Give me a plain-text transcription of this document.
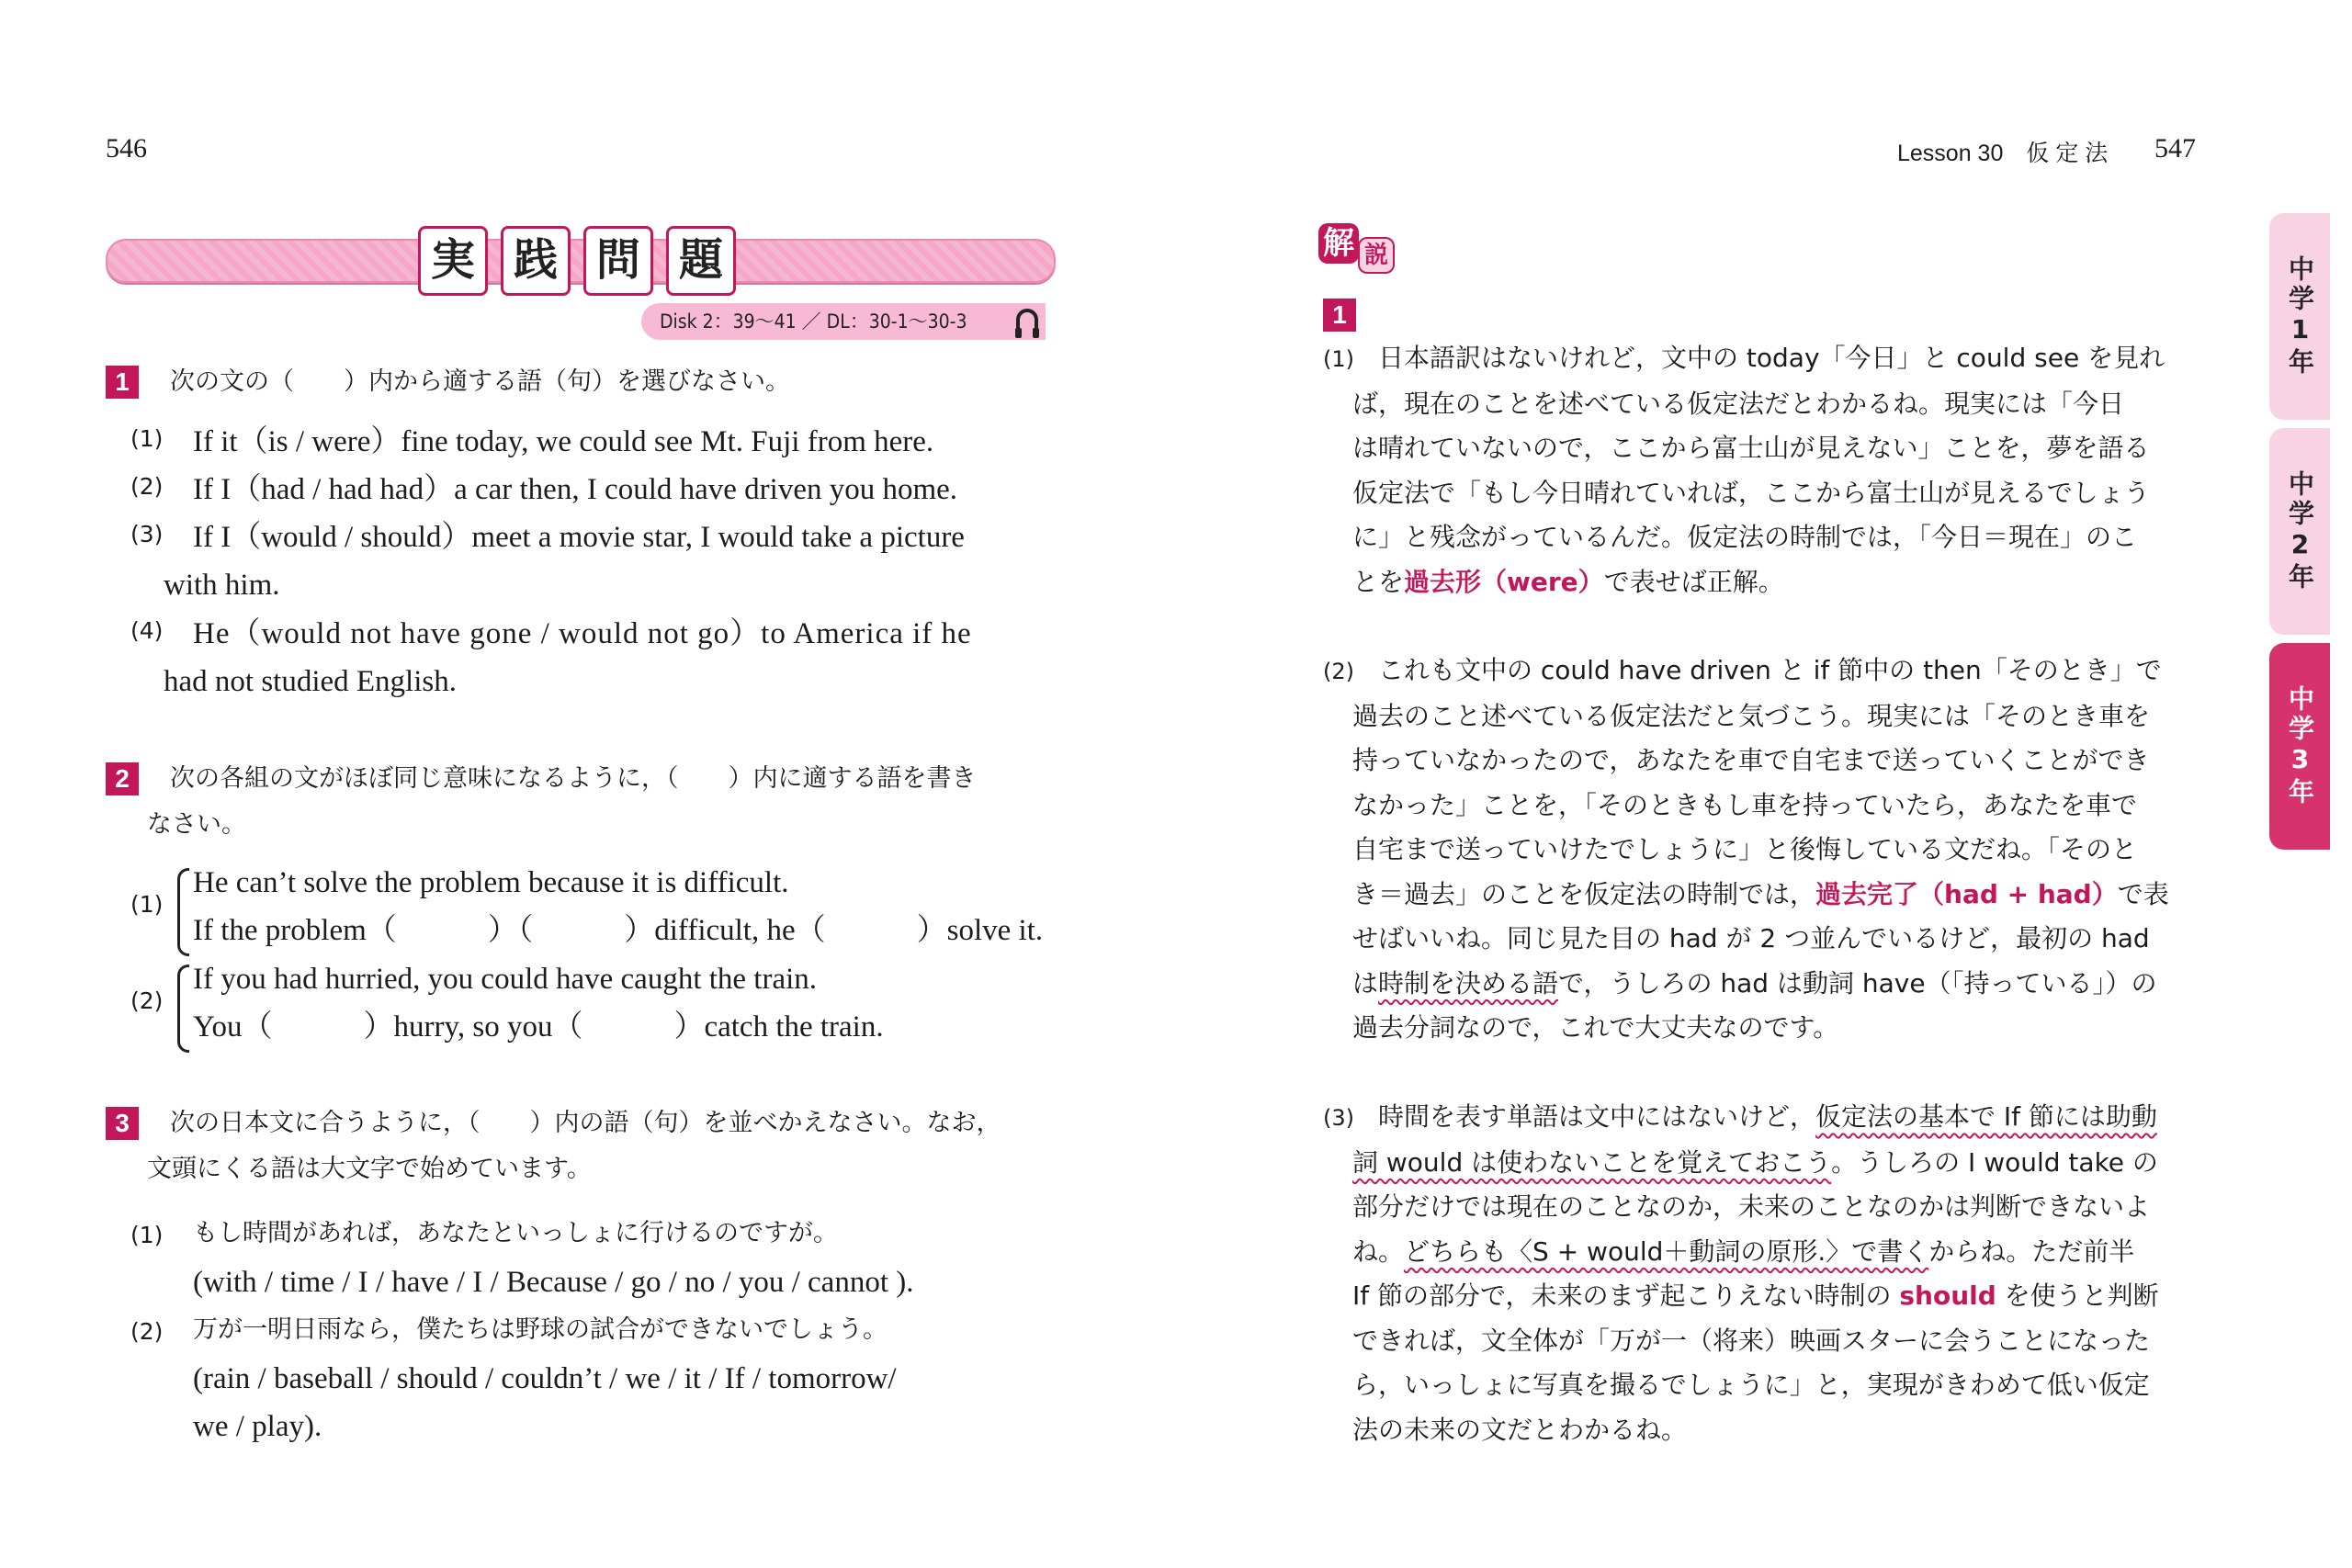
546
実 践 問 題
Disk 2：39～41 ／ DL：30-1～30-3
1	次の文の（　　）内から適する語（句）を選びなさい。
(1) If it（is / were）fine today, we could see Mt. Fuji from here.
(2) If I（had / had had）a car then, I could have driven you home.
(3) If I（would / should）meet a movie star, I would take a picture
with him.
(4) He（would not have gone / would not go）to America if he
had not studied English.
2	次の各組の文がほぼ同じ意味になるように，（　　）内に適する語を書き
なさい。
(1)
He can’t solve the problem because it is difficult.
If the problem（　　　）（　　　）difficult, he（　　　）solve it.
(2)
If you had hurried, you could have caught the train.
You（　　　）hurry, so you（　　　）catch the train.
3	次の日本文に合うように，（　　）内の語（句）を並べかえなさい。なお，
文頭にくる語は大文字で始めています。
(1) もし時間があれば，あなたといっしょに行けるのですが。
(with / time / I / have / I / Because / go / no / you / cannot ).
(2) 万が一明日雨なら，僕たちは野球の試合ができないでしょう。
(rain / baseball / should / couldn’t / we / it / If / tomorrow/
we / play).
Lesson 30　仮 定 法 547
解 説
1
(1) 日本語訳はないけれど，文中の today「今日」と could see を見れ
ば，現在のことを述べている仮定法だとわかるね。現実には「今日
は晴れていないので，ここから富士山が見えない」ことを，夢を語る
仮定法で「もし今日晴れていれば，ここから富士山が見えるでしょう
に」と残念がっているんだ。仮定法の時制では，「今日＝現在」のこ
とを過去形（were）で表せば正解。
(2) これも文中の could have driven と if 節中の then「そのとき」で
過去のこと述べている仮定法だと気づこう。現実には「そのとき車を
持っていなかったので，あなたを車で自宅まで送っていくことができ
なかった」ことを，「そのときもし車を持っていたら，あなたを車で
自宅まで送っていけたでしょうに」と後悔している文だね。「そのと
き＝過去」のことを仮定法の時制では，過去完了（had + had）で表
せばいいね。同じ見た目の had が 2 つ並んでいるけど，最初の had
は時制を決める語で，うしろの had は動詞 have（「持っている」）の
過去分詞なので，これで大丈夫なのです。
(3) 時間を表す単語は文中にはないけど，仮定法の基本で If 節には助動
詞 would は使わないことを覚えておこう。うしろの I would take の
部分だけでは現在のことなのか，未来のことなのかは判断できないよ
ね。どちらも〈S + would＋動詞の原形.〉で書くからね。ただ前半
If 節の部分で，未来のまず起こりえない時制の should を使うと判断
できれば，文全体が「万が一（将来）映画スターに会うことになった
ら，いっしょに写真を撮るでしょうに」と，実現がきわめて低い仮定
法の未来の文だとわかるね。
中学1年
中学2年
中学3年
